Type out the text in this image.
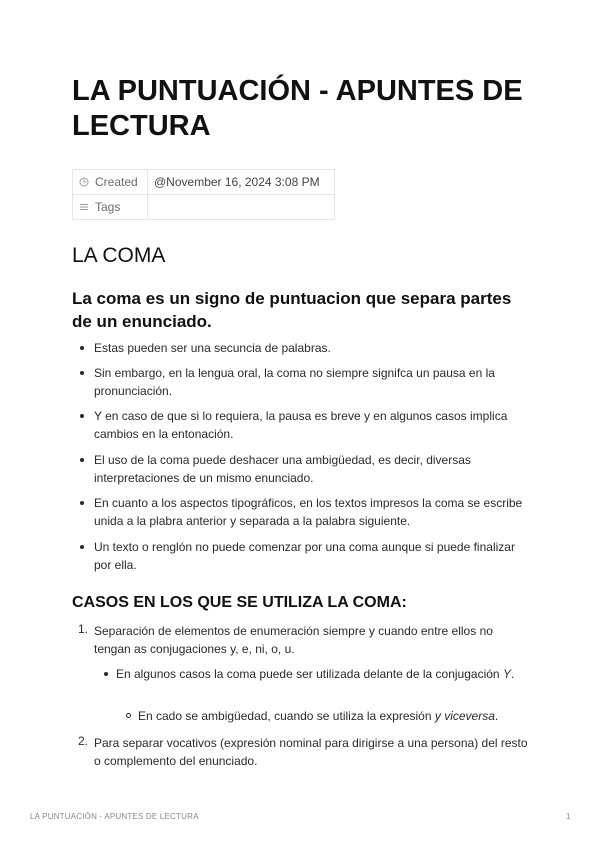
LA PUNTUACIÓN - APUNTES DE LECTURA
Created	@November 16, 2024 3:08 PM
Tags	
LA COMA
La coma es un signo de puntuacion que separa partes de un enunciado.
Estas pueden ser una secuncia de palabras.
Sin embargo, en la lengua oral, la coma no siempre signifca un pausa en la pronunciación.
Y en caso de que si lo requiera, la pausa es breve y en algunos casos implica cambios en la entonación.
El uso de la coma puede deshacer una ambigüedad, es decir, diversas interpretaciones de un mismo enunciado.
En cuanto a los aspectos tipográficos, en los textos impresos la coma se escribe unida a la plabra anterior y separada a la palabra siguiente.
Un texto o renglón no puede comenzar por una coma aunque si puede finalizar por ella.
CASOS EN LOS QUE SE UTILIZA LA COMA:
1. Separación de elementos de enumeración siempre y cuando entre ellos no tengan as conjugaciones y, e, ni, o, u.
En algunos casos la coma puede ser utilizada delante de la conjugación Y.
En cado se ambigüedad, cuando se utiliza la expresión y viceversa.
2. Para separar vocativos (expresión nominal para dirigirse a una persona) del resto o complemento del enunciado.
LA PUNTUACIÓN - APUNTES DE LECTURA	1
